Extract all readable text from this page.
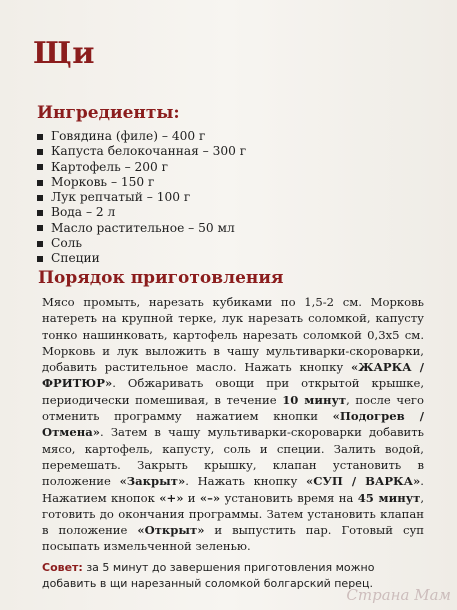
Щи
Ингредиенты:
Говядина (филе) – 400 г
Капуста белокочанная – 300 г
Картофель – 200 г
Морковь – 150 г
Лук репчатый – 100 г
Вода – 2 л
Масло растительное – 50 мл
Соль
Специи
Порядок приготовления
Мясо промыть, нарезать кубиками по 1,5-2 см. Морковь натереть на крупной терке, лук нарезать соломкой, капусту тонко нашинковать, картофель нарезать соломкой 0,3х5 см. Морковь и лук выложить в чашу мультиварки-скороварки, добавить растительное масло. Нажать кнопку «ЖАРКА / ФРИТЮР». Обжаривать овощи при открытой крышке, периодически помешивая, в течение 10 минут, после чего отменить программу нажатием кнопки «Подогрев / Отмена». Затем в чашу мультиварки-скороварки добавить мясо, картофель, капусту, соль и специи. Залить водой, перемешать. Закрыть крышку, клапан установить в положение «Закрыт». Нажать кнопку «СУП / ВАРКА». Нажатием кнопок «+» и «–» установить время на 45 минут, готовить до окончания программы. Затем установить клапан в положение «Открыт» и выпустить пар. Готовый суп посыпать измельченной зеленью.
Совет: за 5 минут до завершения приготовления можно добавить в щи нарезанный соломкой болгарский перец.
Страна Мам
